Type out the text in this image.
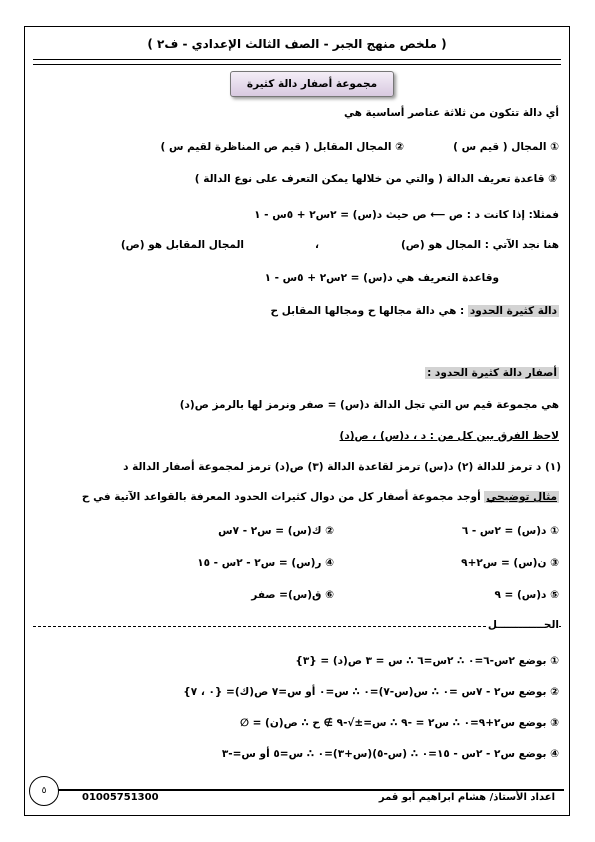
( ملخص منهج الجبر - الصف الثالث الإعدادي - ف٢ )
مجموعة أصفار دالة كثيرة
أي دالة تتكون من ثلاثة عناصر أساسية هي
① المجال ( قيم س )
② المجال المقابل ( قيم ص المناظرة لقيم س )
③ قاعدة تعريف الدالة ( والتي من خلالها يمكن التعرف على نوع الدالة )
فمثلا: إذا كانت د : ص ⟵ ص حيث د(س) = ٢س٢ + ٥س - ١
هنا نجد الآتي : المجال هو (ص)
،
المجال المقابل هو (ص)
وقاعدة التعريف هي د(س) = ٢س٢ + ٥س - ١
دالة كثيرة الحدود : هي دالة مجالها ح ومجالها المقابل ح
أصفار دالة كثيرة الحدود :
هي مجموعة قيم س التي تجل الدالة د(س) = صفر ونرمز لها بالرمز ص(د)
لاحظ الفرق بين كل من : د ، د(س) ، ص(د)
(١) د ترمز للدالة (٢) د(س) ترمز لقاعدة الدالة (٣) ص(د) ترمز لمجموعة أصفار الدالة د
مثال توضيحي أوجد مجموعة أصفار كل من دوال كثيرات الحدود المعرفة بالقواعد الآتية في ح
① د(س) = ٢س - ٦
② ك(س) = س٢ - ٧س
③ ن(س) = س٢+٩
④ ر(س) = س٢ - ٢س - ١٥
⑤ د(س) = ٩
⑥ ق(س)= صفر
الحـــــــــــــل
① بوضع ٢س-٦=٠ ∴ ٢س=٦ ∴ س = ٣ ص(د) = {٣}
② بوضع س٢ - ٧س =٠ ∴ س(س-٧)=٠ ∴ س=٠ أو س=٧ ص(ك)= {٠ ، ٧}
③ بوضع س٢+٩=٠ ∴ س٢ = -٩ ∴ س=±√-٩ ∌ ح ∴ ص(ن) = ∅
④ بوضع س٢ - ٢س - ١٥=٠ ∴ (س-٥)(س+٣)=٠ ∴ س=٥ أو س=-٣
01005751300	اعداد الأستاذ/ هشام ابراهيم أبو قمر
٥
